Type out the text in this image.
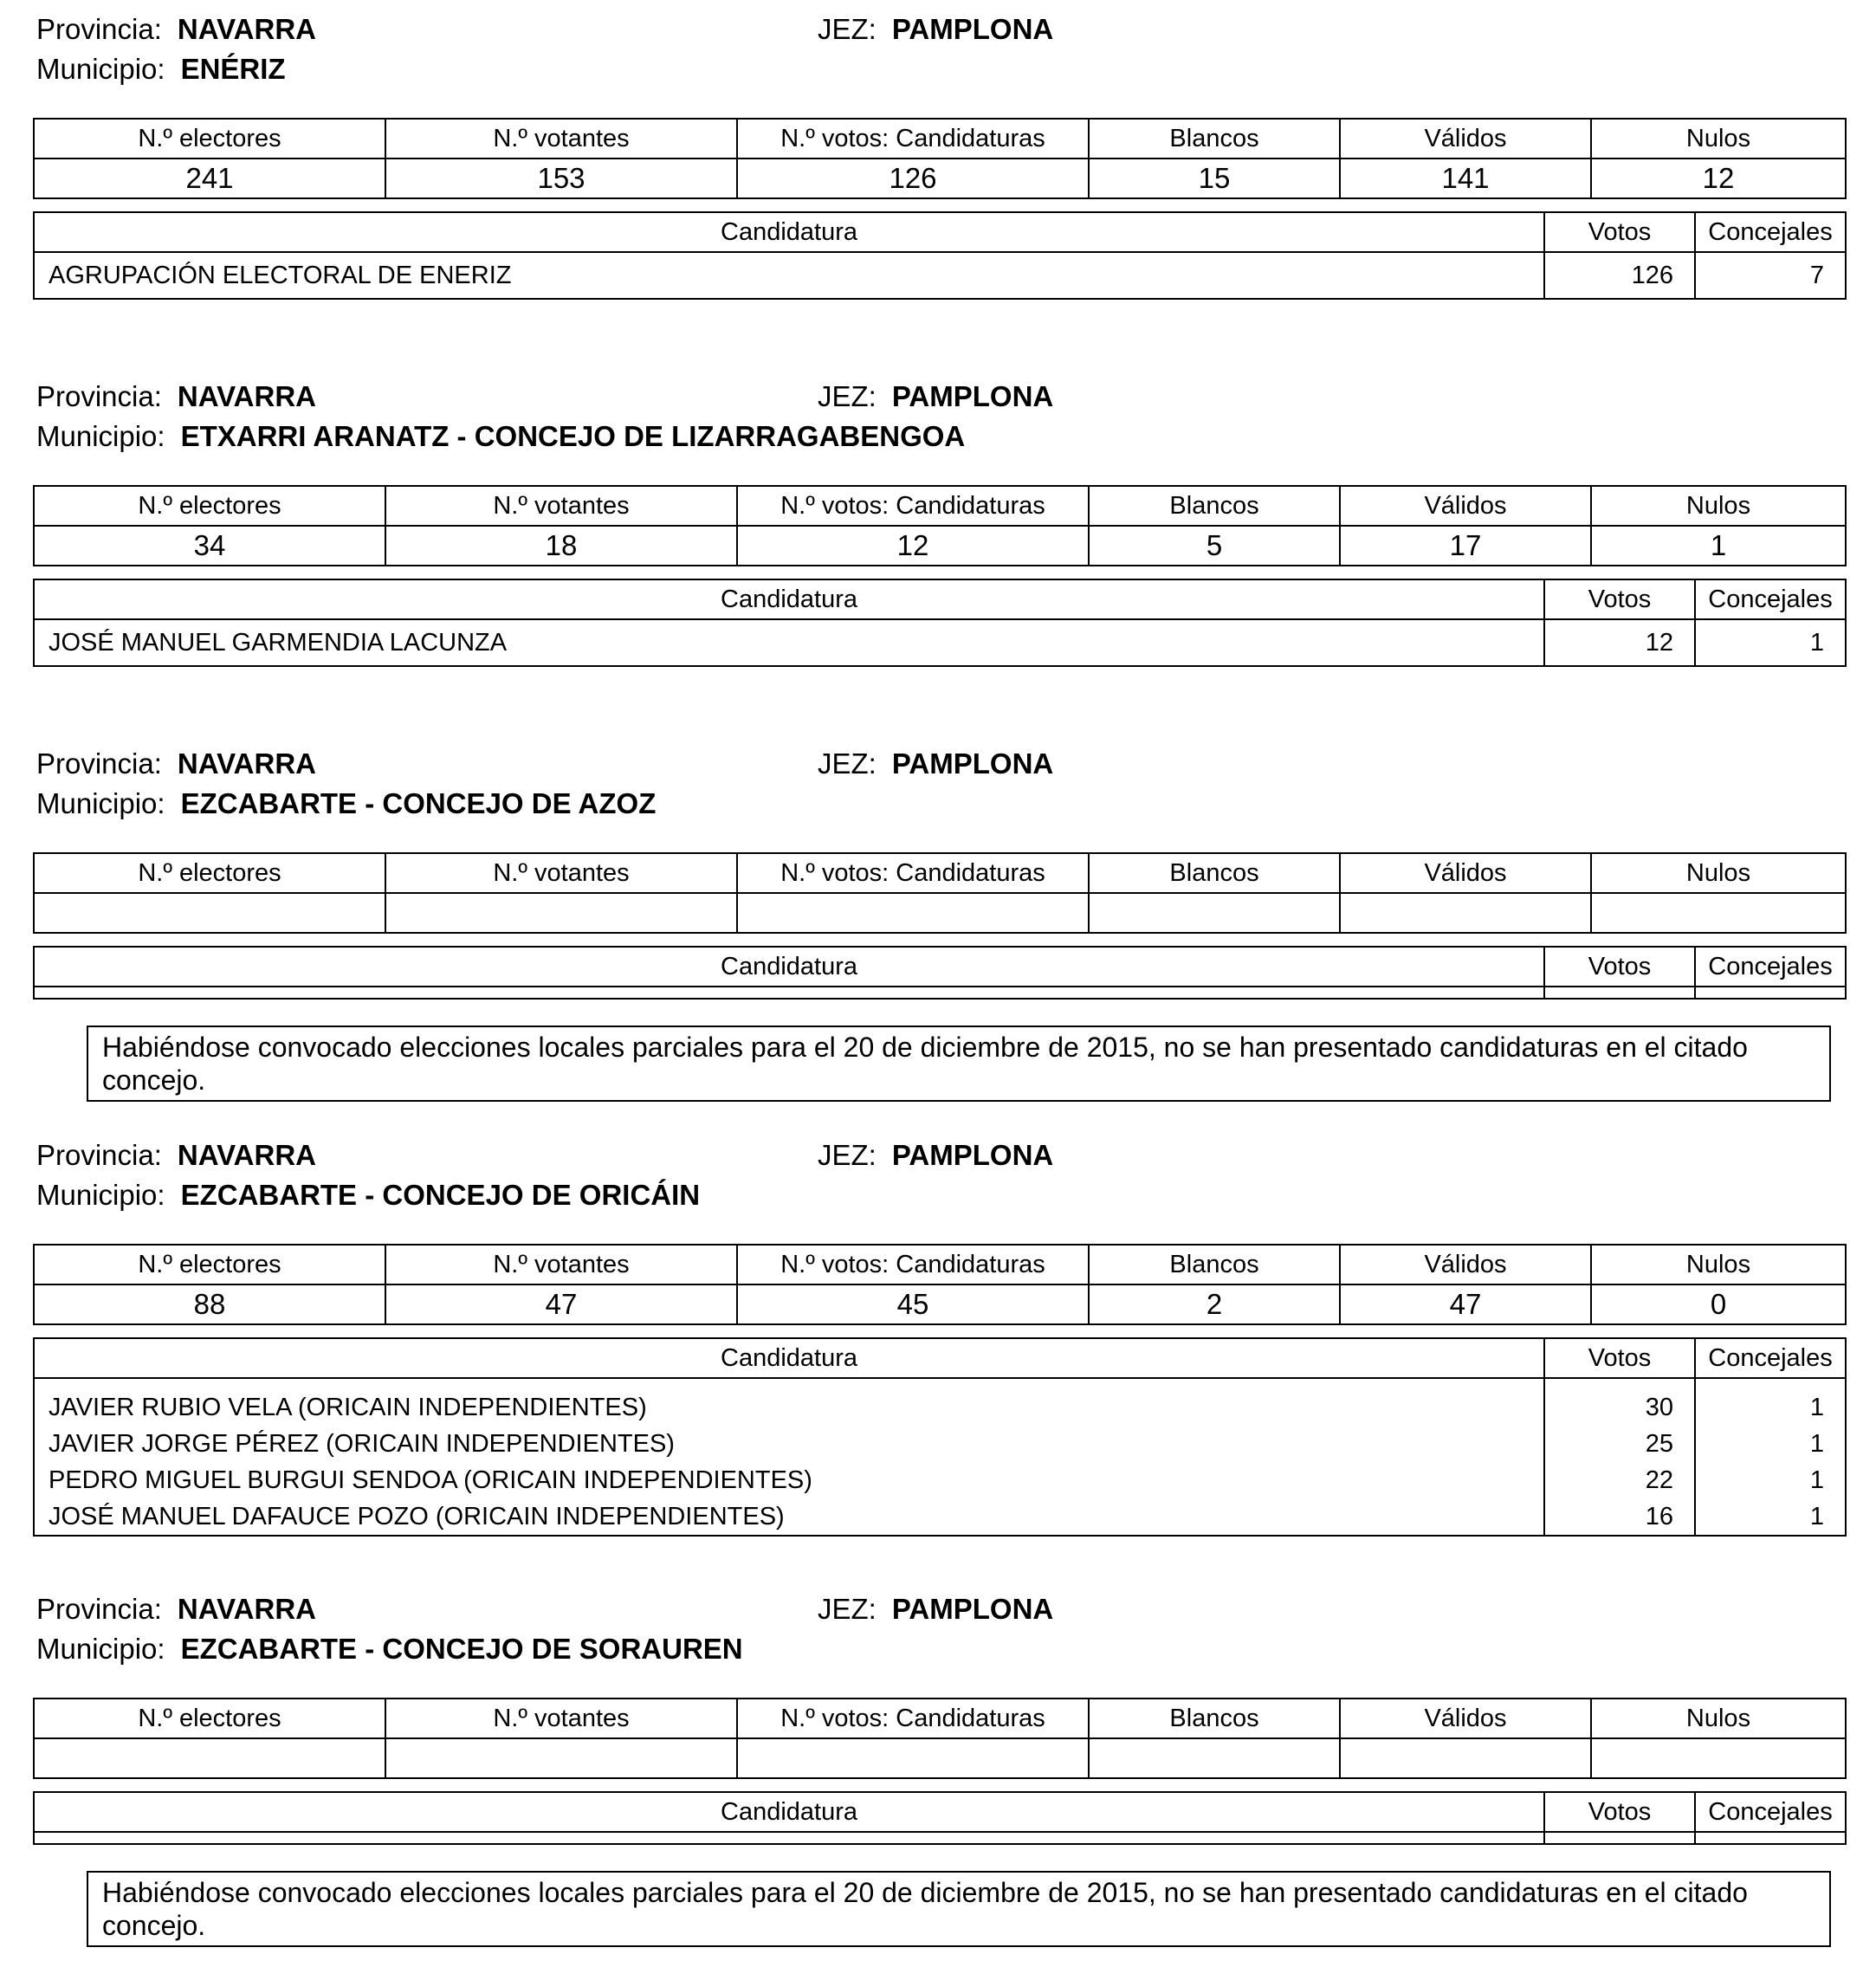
Provincia: NAVARRA	JEZ: PAMPLONA
Municipio: ENÉRIZ
N.º electores	N.º votantes	N.º votos: Candidaturas	Blancos	Válidos	Nulos
241	153	126	15	141	12
Candidatura	Votos	Concejales
AGRUPACIÓN ELECTORAL DE ENERIZ	126	7
Provincia: NAVARRA	JEZ: PAMPLONA
Municipio: ETXARRI ARANATZ - CONCEJO DE LIZARRAGABENGOA
N.º electores	N.º votantes	N.º votos: Candidaturas	Blancos	Válidos	Nulos
34	18	12	5	17	1
Candidatura	Votos	Concejales
JOSÉ MANUEL GARMENDIA LACUNZA	12	1
Provincia: NAVARRA	JEZ: PAMPLONA
Municipio: EZCABARTE - CONCEJO DE AZOZ
N.º electores	N.º votantes	N.º votos: Candidaturas	Blancos	Válidos	Nulos

Candidatura	Votos	Concejales

Habiéndose convocado elecciones locales parciales para el 20 de diciembre de 2015, no se han presentado candidaturas en el citado concejo.
Provincia: NAVARRA	JEZ: PAMPLONA
Municipio: EZCABARTE - CONCEJO DE ORICÁIN
N.º electores	N.º votantes	N.º votos: Candidaturas	Blancos	Válidos	Nulos
88	47	45	2	47	0
Candidatura	Votos	Concejales

JAVIER RUBIO VELA (ORICAIN INDEPENDIENTES)	30	1
JAVIER JORGE PÉREZ (ORICAIN INDEPENDIENTES)	25	1
PEDRO MIGUEL BURGUI SENDOA (ORICAIN INDEPENDIENTES)	22	1
JOSÉ MANUEL DAFAUCE POZO (ORICAIN INDEPENDIENTES)	16	1
Provincia: NAVARRA	JEZ: PAMPLONA
Municipio: EZCABARTE - CONCEJO DE SORAUREN
N.º electores	N.º votantes	N.º votos: Candidaturas	Blancos	Válidos	Nulos

Candidatura	Votos	Concejales

Habiéndose convocado elecciones locales parciales para el 20 de diciembre de 2015, no se han presentado candidaturas en el citado concejo.
